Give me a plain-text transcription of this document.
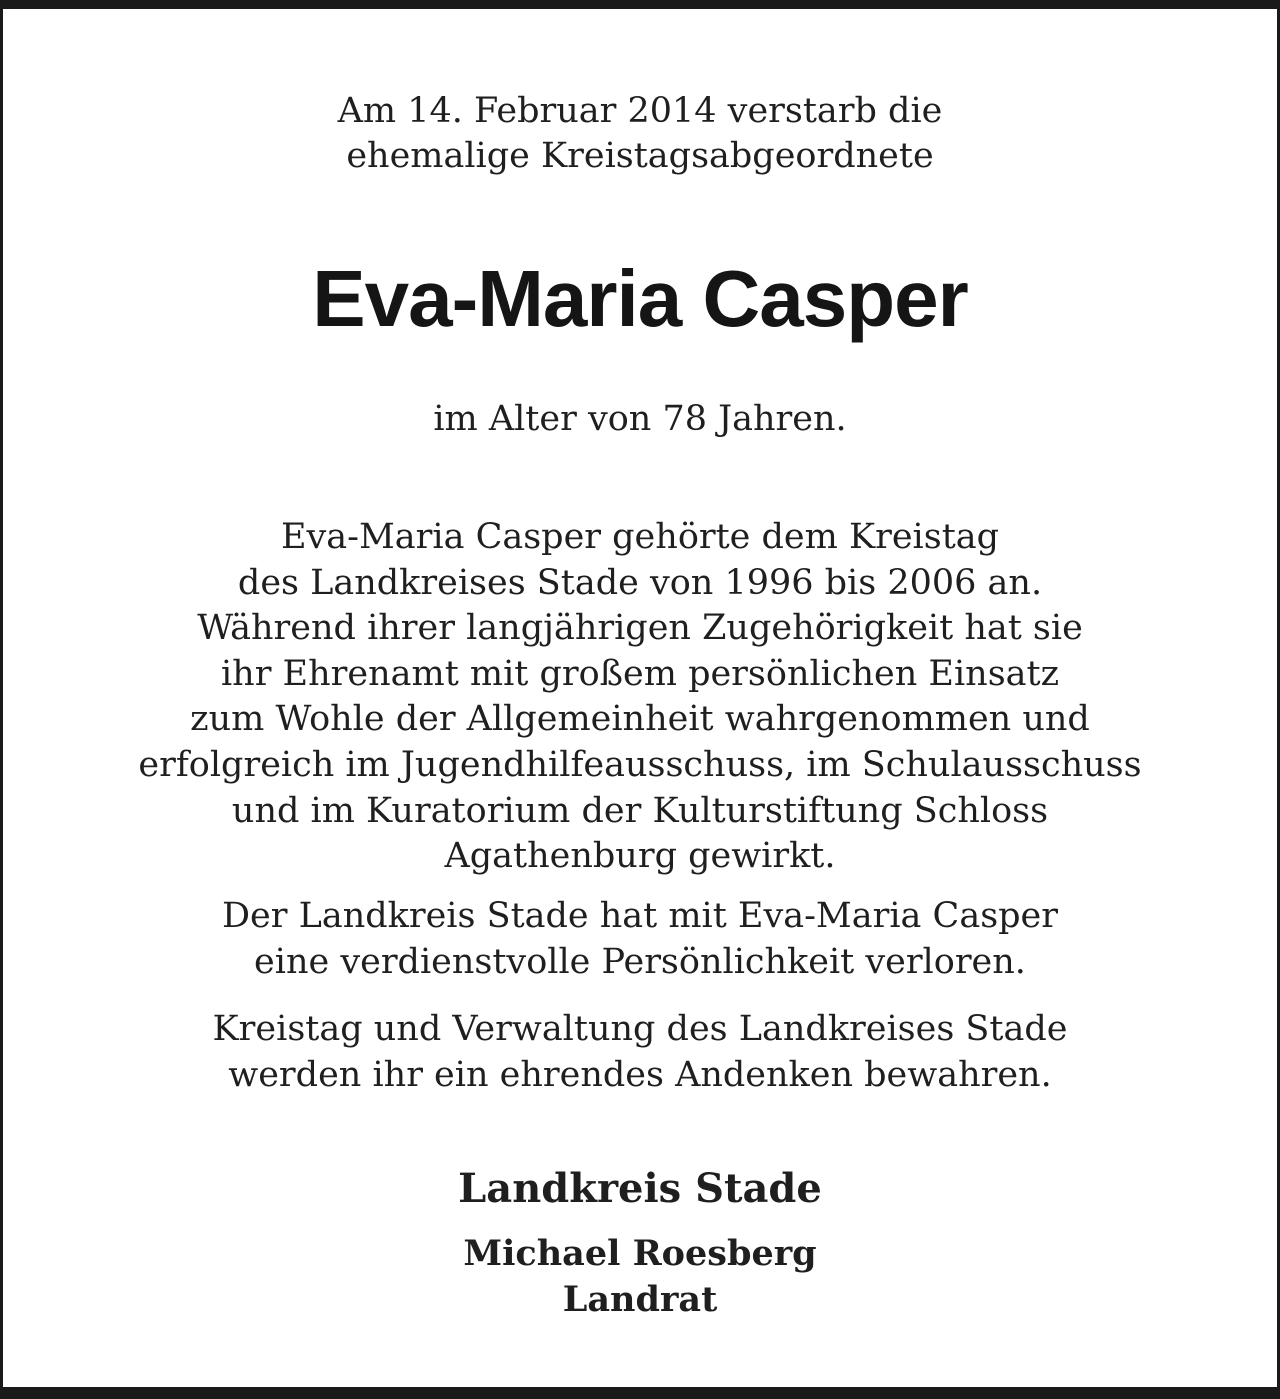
Am 14. Februar 2014 verstarb die
ehemalige Kreistagsabgeordnete
Eva-Maria Casper
im Alter von 78 Jahren.
Eva-Maria Casper gehörte dem Kreistag
des Landkreises Stade von 1996 bis 2006 an.
Während ihrer langjährigen Zugehörigkeit hat sie
ihr Ehrenamt mit großem persönlichen Einsatz
zum Wohle der Allgemeinheit wahrgenommen und
erfolgreich im Jugendhilfeausschuss, im Schulausschuss
und im Kuratorium der Kulturstiftung Schloss
Agathenburg gewirkt.
Der Landkreis Stade hat mit Eva-Maria Casper
eine verdienstvolle Persönlichkeit verloren.
Kreistag und Verwaltung des Landkreises Stade
werden ihr ein ehrendes Andenken bewahren.
Landkreis Stade
Michael Roesberg
Landrat
